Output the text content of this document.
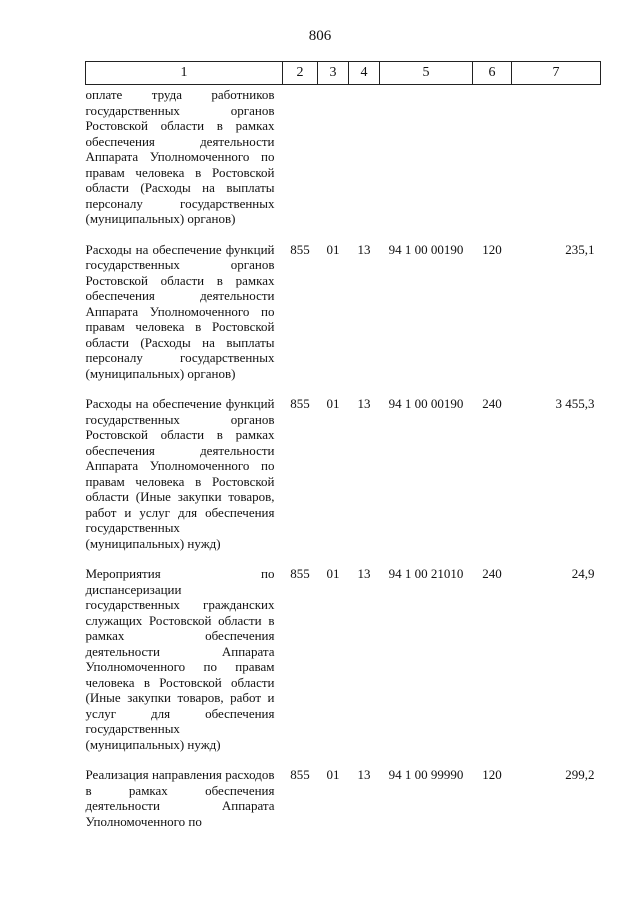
806
1	2	3	4	5	6	7
оплате труда работников государственных органов Ростовской области в рамках обеспечения деятельности Аппарата Уполномоченного по правам человека в Ростовской области (Расходы на выплаты персоналу государственных (муниципальных) органов)						
Расходы на обеспечение функций государственных органов Ростовской области в рамках обеспечения деятельности Аппарата Уполномоченного по правам человека в Ростовской области (Расходы на выплаты персоналу государственных (муниципальных) органов)	855	01	13	94 1 00 00190	120	235,1
Расходы на обеспечение функций государственных органов Ростовской области в рамках обеспечения деятельности Аппарата Уполномоченного по правам человека в Ростовской области (Иные закупки товаров, работ и услуг для обеспечения государственных (муниципальных) нужд)	855	01	13	94 1 00 00190	240	3 455,3
Мероприятия по диспансеризации государственных гражданских служащих Ростовской области в рамках обеспечения деятельности Аппарата Уполномоченного по правам человека в Ростовской области (Иные закупки товаров, работ и услуг для обеспечения государственных (муниципальных) нужд)	855	01	13	94 1 00 21010	240	24,9
Реализация направления расходов в рамках обеспечения деятельности Аппарата Уполномоченного по	855	01	13	94 1 00 99990	120	299,2
